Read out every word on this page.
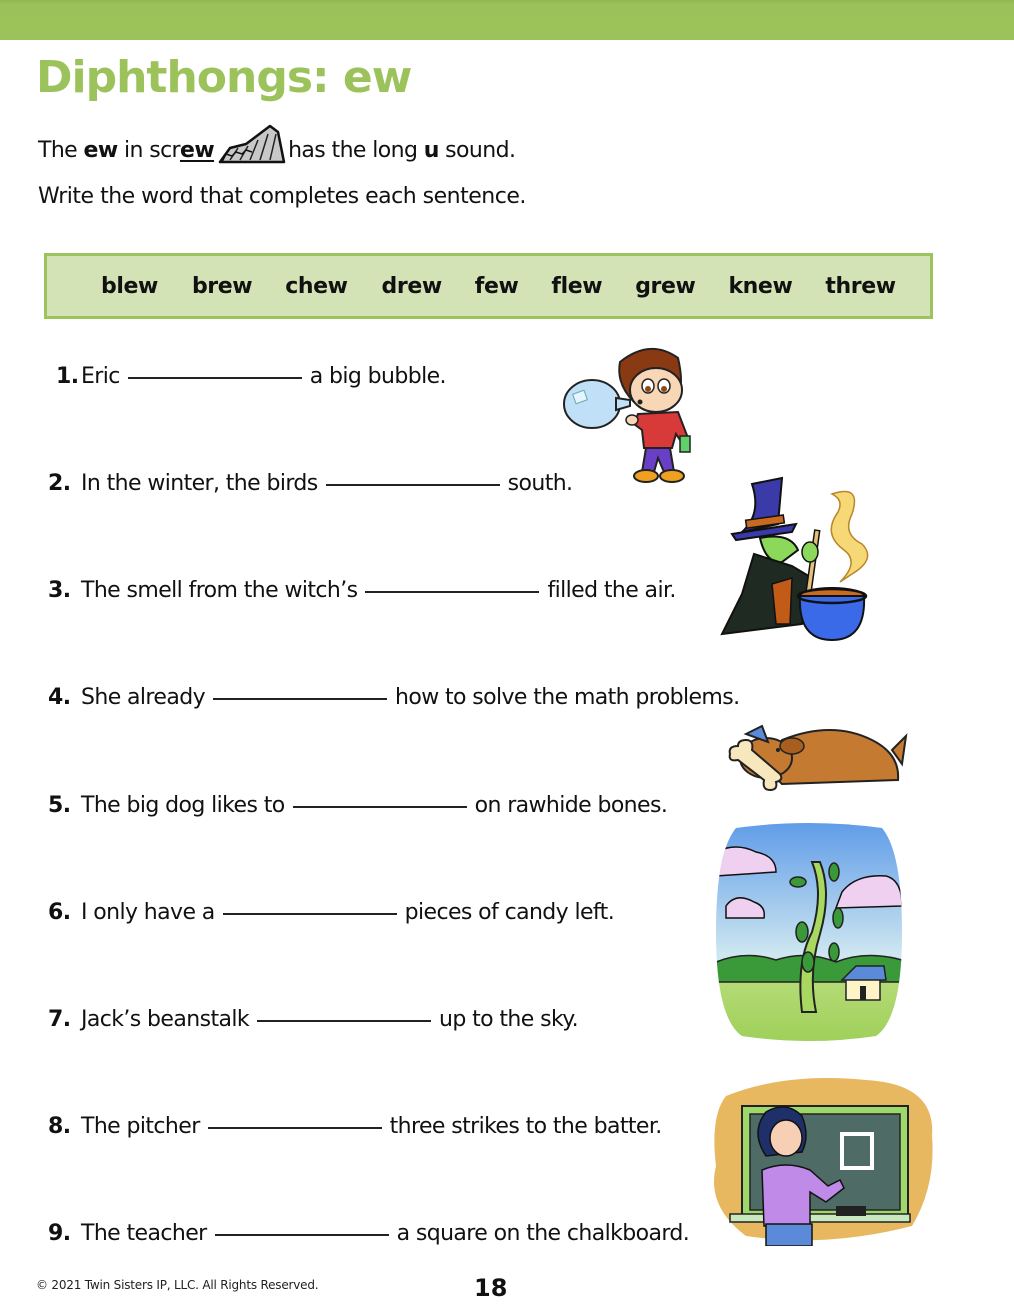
Diphthongs: ew
The ew in scr ew	has the long u sound.
Write the word that completes each sentence.
blew brew chew drew few flew grew knew threw
1. Eric	a big bubble.
2. In the winter, the birds	south.
3. The smell from the witch’s	filled the air.
4. She already	how to solve the math problems.
5. The big dog likes to	on rawhide bones.
6. I only have a	pieces of candy left.
7. Jack’s beanstalk	up to the sky.
8. The pitcher	three strikes to the batter.
9. The teacher	a square on the chalkboard.
© 2021 Twin Sisters IP, LLC. All Rights Reserved.	18
